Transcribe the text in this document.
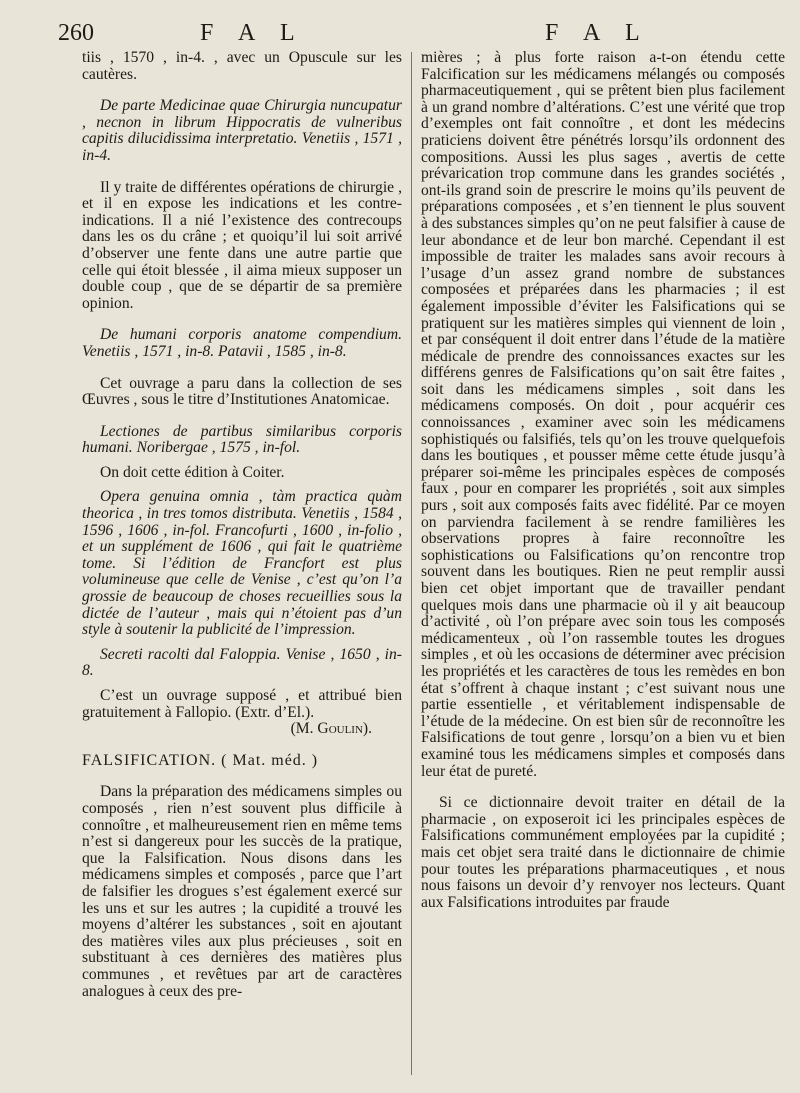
260	F A L	F A L

tiis , 1570 , in-4. , avec un Opuscule sur les cautères.

De parte Medicinae quae Chirurgia nuncupatur , necnon in librum Hippocratis de vulneribus capitis dilucidissima interpretatio. Venetiis , 1571 , in-4.

Il y traite de différentes opérations de chirurgie , et il en expose les indications et les contre-indications. Il a nié l’existence des contrecoups dans les os du crâne ; et quoiqu’il lui soit arrivé d’observer une fente dans une autre partie que celle qui étoit blessée , il aima mieux supposer un double coup , que de se départir de sa première opinion.

De humani corporis anatome compendium. Venetiis , 1571 , in-8. Patavii , 1585 , in-8.

Cet ouvrage a paru dans la collection de ses Œuvres , sous le titre d’Institutiones Anatomicae.

Lectiones de partibus similaribus corporis humani. Noribergae , 1575 , in-fol.

On doit cette édition à Coiter.

Opera genuina omnia , tàm practica quàm theorica , in tres tomos distributa. Venetiis , 1584 , 1596 , 1606 , in-fol. Francofurti , 1600 , in-folio , et un supplément de 1606 , qui fait le quatrième tome. Si l’édition de Francfort est plus volumineuse que celle de Venise , c’est qu’on l’a grossie de beaucoup de choses recueillies sous la dictée de l’auteur , mais qui n’étoient pas d’un style à soutenir la publicité de l’impression.

Secreti racolti dal Faloppia. Venise , 1650 , in-8.

C’est un ouvrage supposé , et attribué bien gratuitement à Fallopio. (Extr. d’El.).

(M. Goulin).

FALSIFICATION. ( Mat. méd. )

Dans la préparation des médicamens simples ou composés , rien n’est souvent plus difficile à connoître , et malheureusement rien en même tems n’est si dangereux pour les succès de la pratique, que la Falsification. Nous disons dans les médicamens simples et composés , parce que l’art de falsifier les drogues s’est également exercé sur les uns et sur les autres ; la cupidité a trouvé les moyens d’altérer les substances , soit en ajoutant des matières viles aux plus précieuses , soit en substituant à ces dernières des matières plus communes , et revêtues par art de caractères analogues à ceux des pre-

mières ; à plus forte raison a-t-on étendu cette Falcification sur les médicamens mélangés ou composés pharmaceutiquement , qui se prêtent bien plus facilement à un grand nombre d’altérations. C’est une vérité que trop d’exemples ont fait connoître , et dont les médecins praticiens doivent être pénétrés lorsqu’ils ordonnent des compositions. Aussi les plus sages , avertis de cette prévarication trop commune dans les grandes sociétés , ont-ils grand soin de prescrire le moins qu’ils peuvent de préparations composées , et s’en tiennent le plus souvent à des substances simples qu’on ne peut falsifier à cause de leur abondance et de leur bon marché. Cependant il est impossible de traiter les malades sans avoir recours à l’usage d’un assez grand nombre de substances composées et préparées dans les pharmacies ; il est également impossible d’éviter les Falsifications qui se pratiquent sur les matières simples qui viennent de loin , et par conséquent il doit entrer dans l’étude de la matière médicale de prendre des connoissances exactes sur les différens genres de Falsifications qu’on sait être faites , soit dans les médicamens simples , soit dans les médicamens composés. On doit , pour acquérir ces connoissances , examiner avec soin les médicamens sophistiqués ou falsifiés, tels qu’on les trouve quelquefois dans les boutiques , et pousser même cette étude jusqu’à préparer soi-même les principales espèces de composés faux , pour en comparer les propriétés , soit aux simples purs , soit aux composés faits avec fidélité. Par ce moyen on parviendra facilement à se rendre familières les observations propres à faire reconnoître les sophistications ou Falsifications qu’on rencontre trop souvent dans les boutiques. Rien ne peut remplir aussi bien cet objet important que de travailler pendant quelques mois dans une pharmacie où il y ait beaucoup d’activité , où l’on prépare avec soin tous les composés médicamenteux , où l’on rassemble toutes les drogues simples , et où les occasions de déterminer avec précision les propriétés et les caractères de tous les remèdes en bon état s’offrent à chaque instant ; c’est suivant nous une partie essentielle , et véritablement indispensable de l’étude de la médecine. On est bien sûr de reconnoître les Falsifications de tout genre , lorsqu’on a bien vu et bien examiné tous les médicamens simples et composés dans leur état de pureté.

Si ce dictionnaire devoit traiter en détail de la pharmacie , on exposeroit ici les principales espèces de Falsifications communément employées par la cupidité ; mais cet objet sera traité dans le dictionnaire de chimie pour toutes les préparations pharmaceutiques , et nous nous faisons un devoir d’y renvoyer nos lecteurs. Quant aux Falsifications introduites par fraude
